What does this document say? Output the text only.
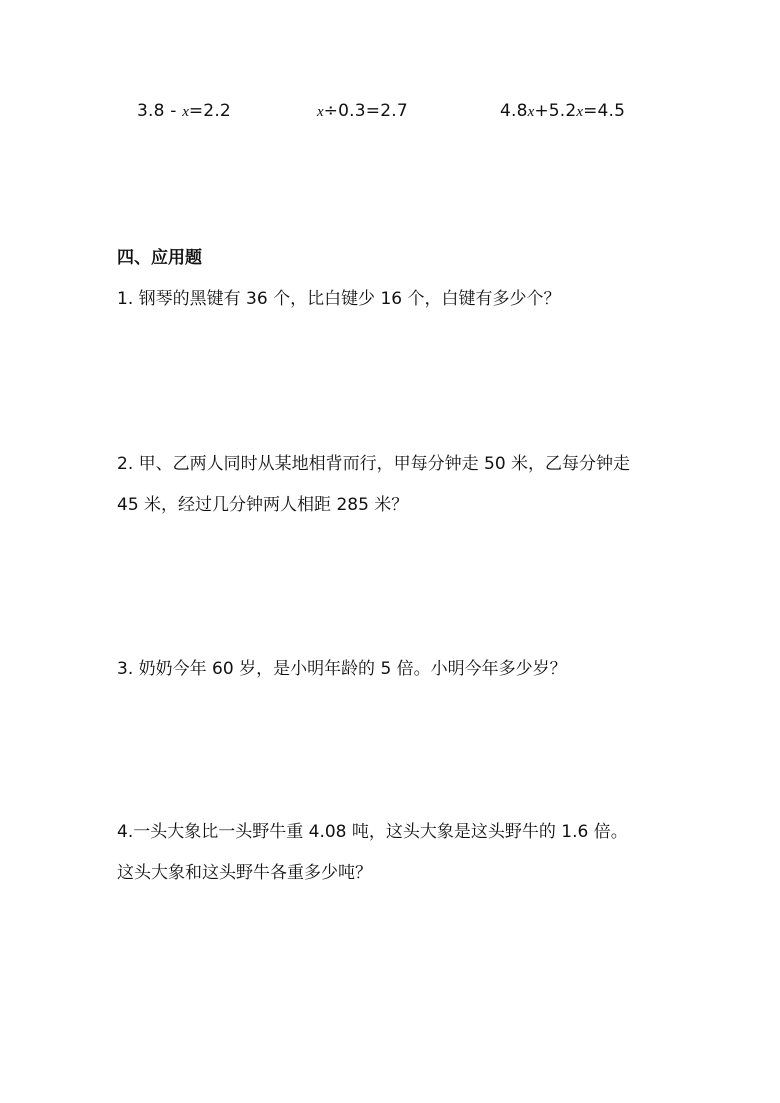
3.8 - x=2.2	x÷0.3=2.7	4.8x+5.2x=4.5
四、应用题
1. 钢琴的黑键有 36 个，比白键少 16 个，白键有多少个？
2. 甲、乙两人同时从某地相背而行，甲每分钟走 50 米，乙每分钟走
45 米，经过几分钟两人相距 285 米？
3. 奶奶今年 60 岁，是小明年龄的 5 倍。小明今年多少岁？
4.一头大象比一头野牛重 4.08 吨，这头大象是这头野牛的 1.6 倍。
这头大象和这头野牛各重多少吨？
